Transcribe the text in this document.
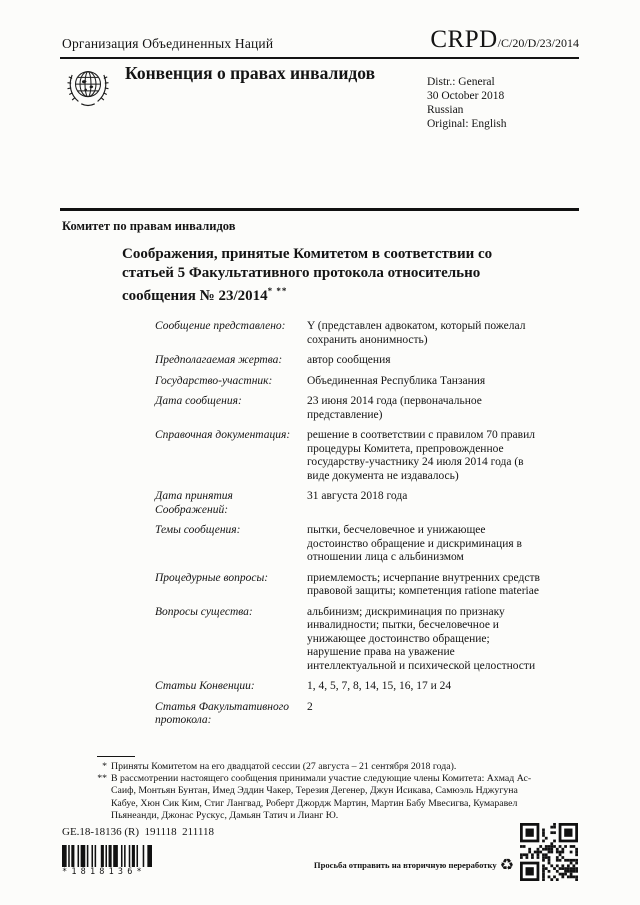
Организация Объединенных Наций	CRPD/C/20/D/23/2014
Конвенция о правах инвалидов	Distr.: General
30 October 2018
Russian
Original: English
Комитет по правам инвалидов
Соображения, принятые Комитетом в соответствии со статьей 5 Факультативного протокола относительно сообщения № 23/2014* **
Сообщение представлено:	Y (представлен адвокатом, который пожелал сохранить анонимность)
Предполагаемая жертва:	автор сообщения
Государство-участник:	Объединенная Республика Танзания
Дата сообщения:	23 июня 2014 года (первоначальное представление)
Справочная документация:	решение в соответствии с правилом 70 правил процедуры Комитета, препровожденное государству-участнику 24 июля 2014 года (в виде документа не издавалось)
Дата принятия Соображений:
31 августа 2018 года
Темы сообщения:	пытки, бесчеловечное и унижающее достоинство обращение и дискриминация в отношении лица с альбинизмом
Процедурные вопросы:	приемлемость; исчерпание внутренних средств правовой защиты; компетенция ratione materiae
Вопросы существа:	альбинизм; дискриминация по признаку инвалидности; пытки, бесчеловечное и унижающее достоинство обращение; нарушение права на уважение интеллектуальной и психической целостности
Статьи Конвенции:	1, 4, 5, 7, 8, 14, 15, 16, 17 и 24
Статья Факультативного протокола:
2
* Приняты Комитетом на его двадцатой сессии (27 августа – 21 сентября 2018 года).
** В рассмотрении настоящего сообщения принимали участие следующие члены Комитета: Ахмад Ас-Саиф, Монтьян Бунтан, Имед Эддин Чакер, Терезия Дегенер, Джун Исикава, Самюэль Нджугуна Кабуе, Хюн Сик Ким, Стиг Лангвад, Роберт Джордж Мартин, Мартин Бабу Мвесигва, Кумаравел Пьянеанди, Джонас Рускус, Дамьян Татич и Лианг Ю.
GE.18-18136 (R)  191118  211118
*1818136*
Просьба отправить на вторичную переработку ♻
